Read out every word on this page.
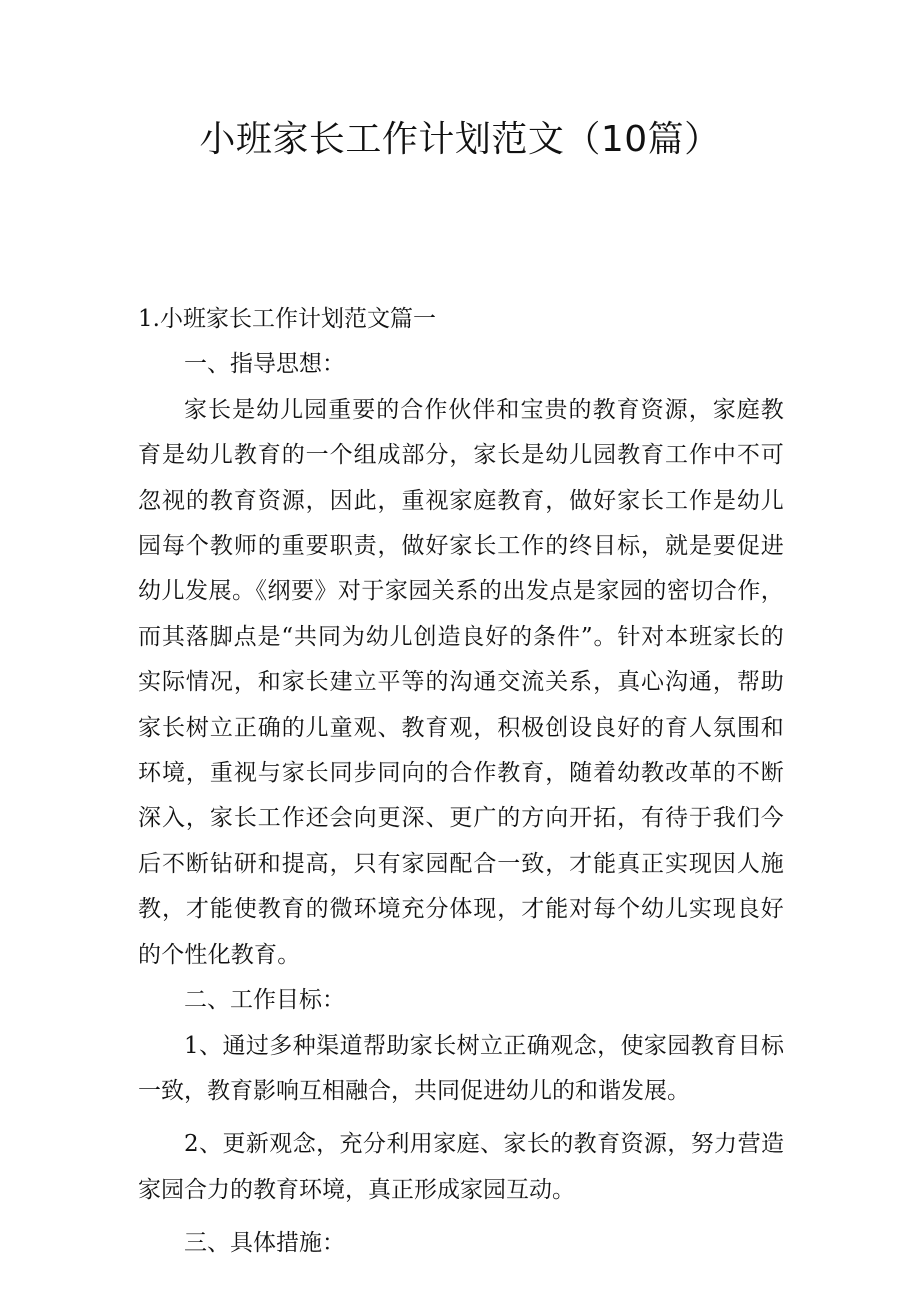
小班家长工作计划范文（10篇）

1.小班家长工作计划范文篇一

一、指导思想：

家长是幼儿园重要的合作伙伴和宝贵的教育资源，家庭教育是幼儿教育的一个组成部分，家长是幼儿园教育工作中不可忽视的教育资源，因此，重视家庭教育，做好家长工作是幼儿园每个教师的重要职责，做好家长工作的终目标，就是要促进幼儿发展。《纲要》对于家园关系的出发点是家园的密切合作，而其落脚点是“共同为幼儿创造良好的条件”。针对本班家长的实际情况，和家长建立平等的沟通交流关系，真心沟通，帮助家长树立正确的儿童观、教育观，积极创设良好的育人氛围和环境，重视与家长同步同向的合作教育，随着幼教改革的不断深入，家长工作还会向更深、更广的方向开拓，有待于我们今后不断钻研和提高，只有家园配合一致，才能真正实现因人施教，才能使教育的微环境充分体现，才能对每个幼儿实现良好的个性化教育。

二、工作目标：

1、通过多种渠道帮助家长树立正确观念，使家园教育目标一致，教育影响互相融合，共同促进幼儿的和谐发展。

2、更新观念，充分利用家庭、家长的教育资源，努力营造家园合力的教育环境，真正形成家园互动。

三、具体措施：
